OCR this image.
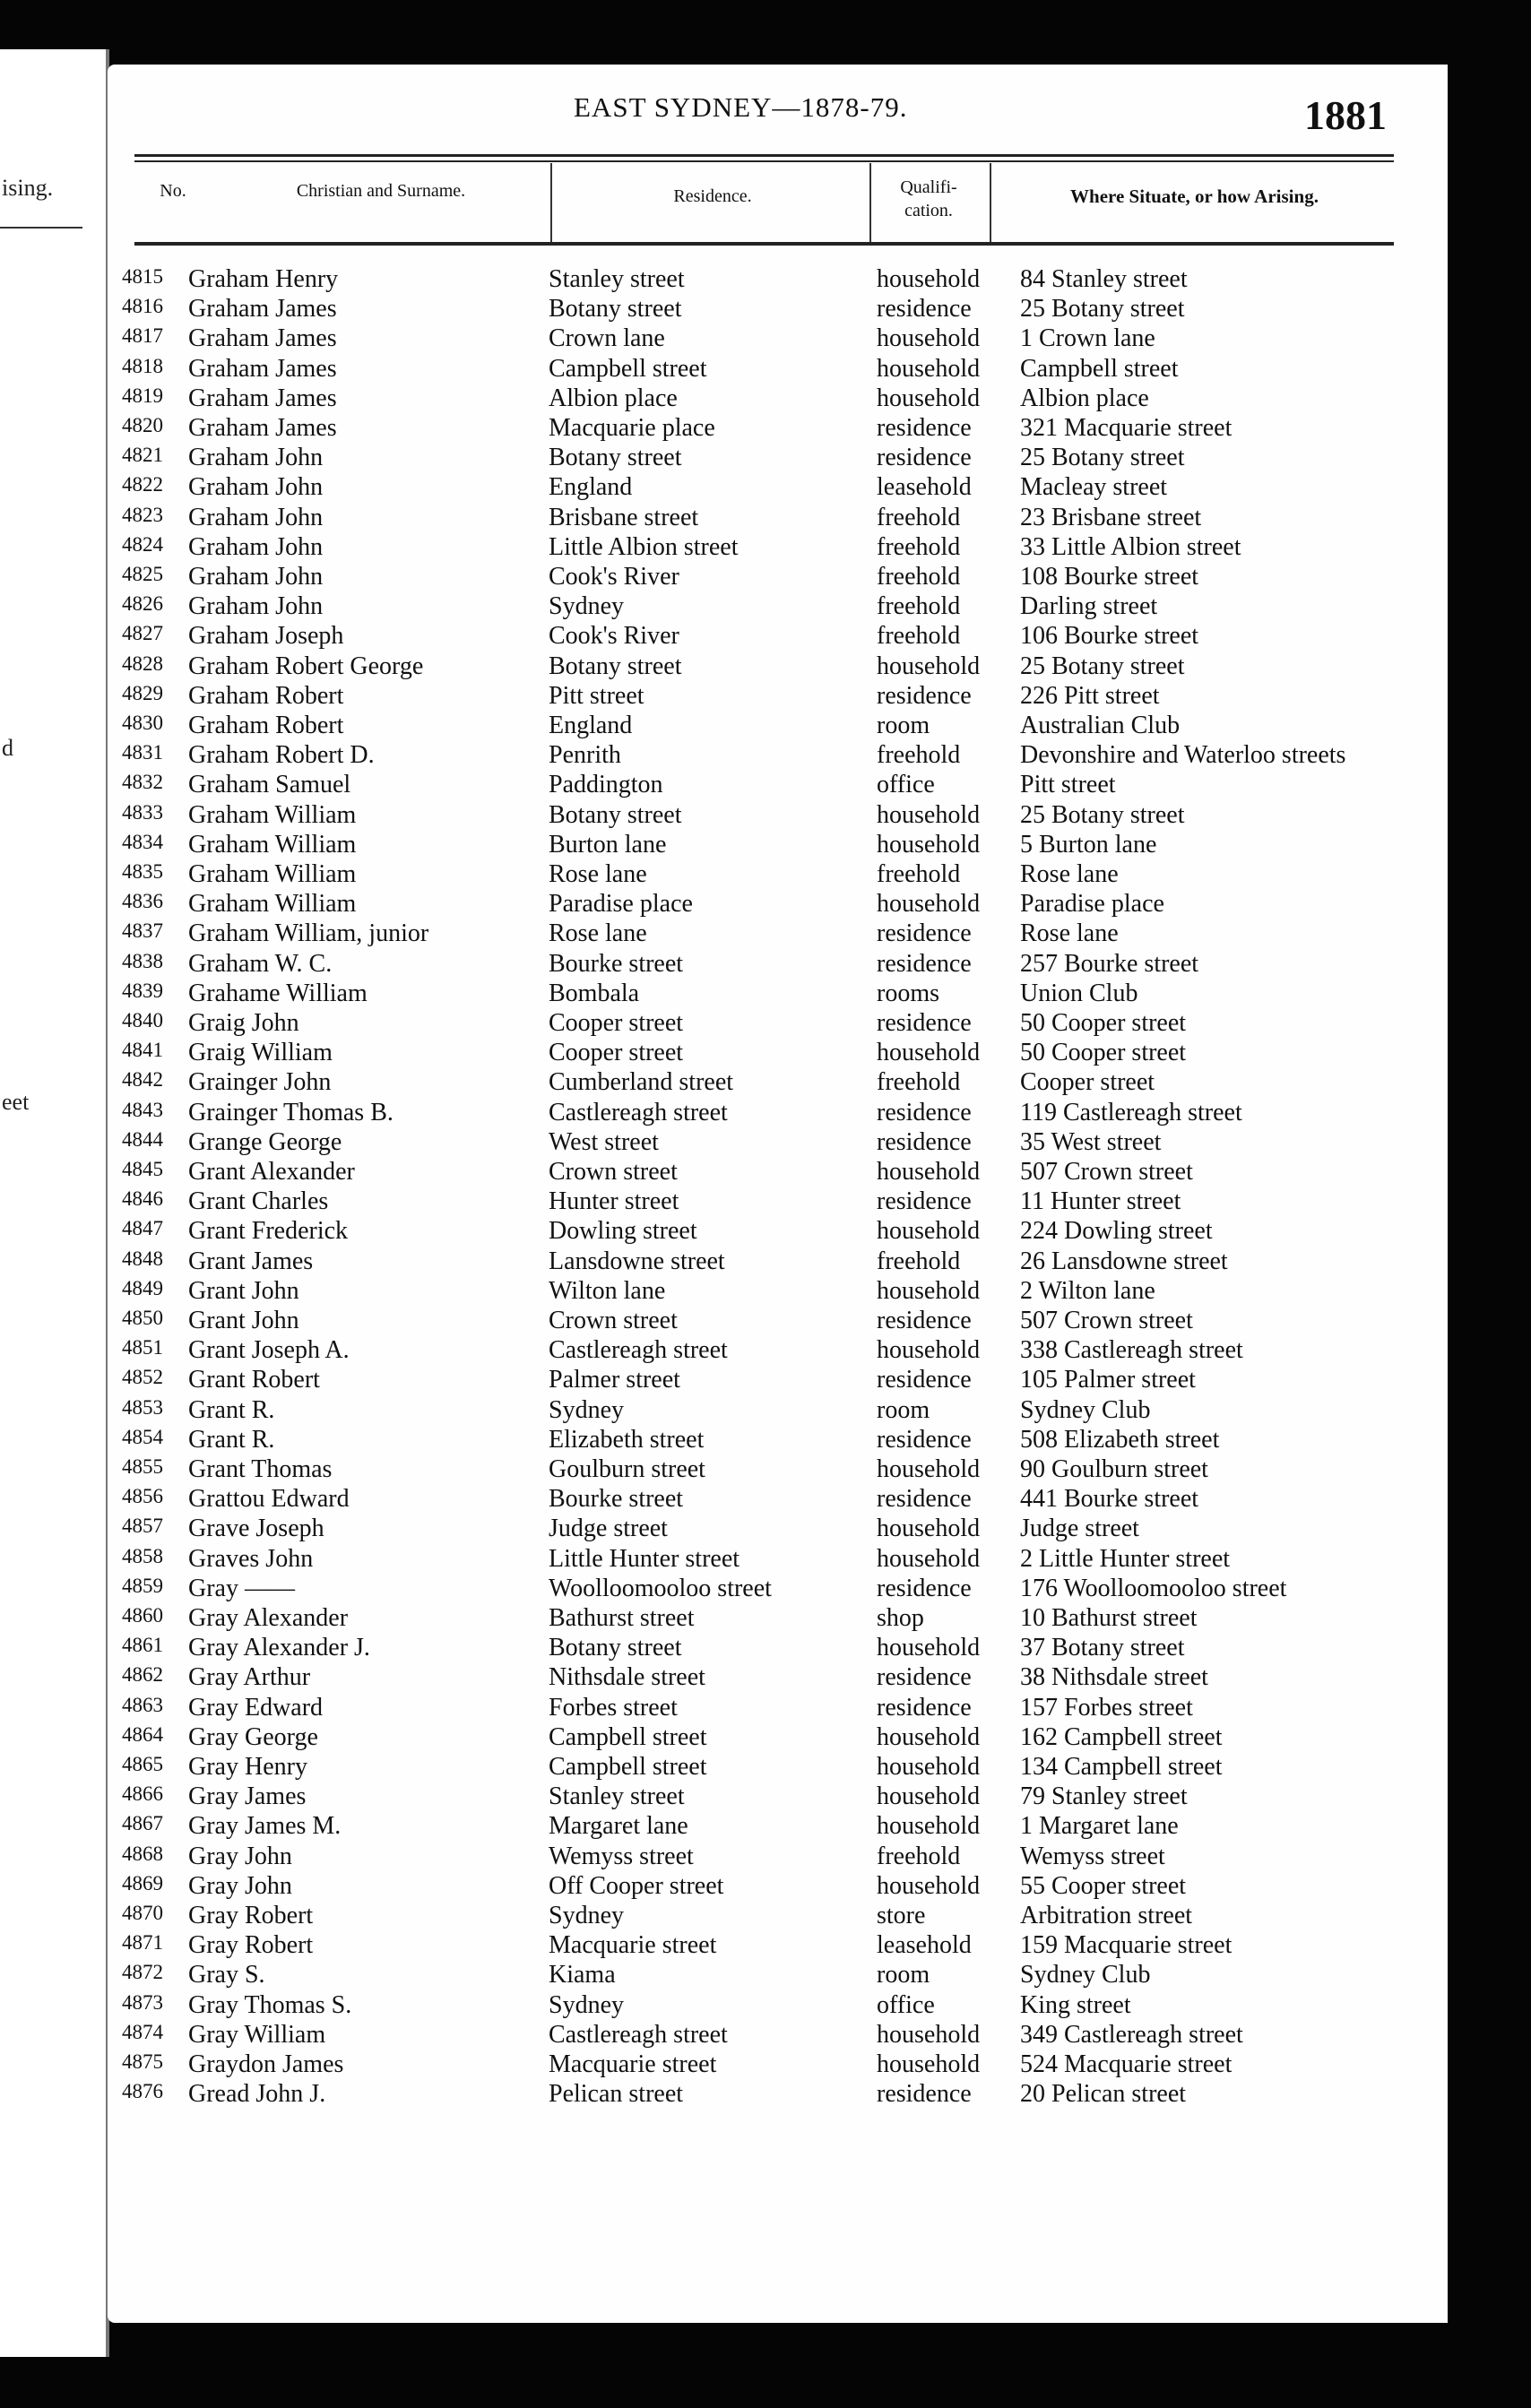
ising.
d
eet
EAST SYDNEY—1878-79.	1881
No.	Christian and Surname.	Residence.	Qualifi-
cation.
Where Situate, or how Arising.
4815 Graham Henry	Stanley street	household 84 Stanley street
4816 Graham James	Botany street	residence 25 Botany street
4817 Graham James	Crown lane	household 1 Crown lane
4818 Graham James	Campbell street	household Campbell street
4819 Graham James	Albion place	household Albion place
4820 Graham James	Macquarie place	residence 321 Macquarie street
4821 Graham John	Botany street	residence 25 Botany street
4822 Graham John	England	leasehold Macleay street
4823 Graham John	Brisbane street	freehold 23 Brisbane street
4824 Graham John	Little Albion street	freehold 33 Little Albion street
4825 Graham John	Cook's River	freehold 108 Bourke street
4826 Graham John	Sydney	freehold Darling street
4827 Graham Joseph	Cook's River	freehold 106 Bourke street
4828 Graham Robert George	Botany street	household 25 Botany street
4829 Graham Robert	Pitt street	residence 226 Pitt street
4830 Graham Robert	England	room	Australian Club
4831 Graham Robert D.	Penrith	freehold Devonshire and Waterloo streets
4832 Graham Samuel	Paddington	office	Pitt street
4833 Graham William	Botany street	household 25 Botany street
4834 Graham William	Burton lane	household 5 Burton lane
4835 Graham William	Rose lane	freehold Rose lane
4836 Graham William	Paradise place	household Paradise place
4837 Graham William, junior	Rose lane	residence Rose lane
4838 Graham W. C.	Bourke street	residence 257 Bourke street
4839 Grahame William	Bombala	rooms	Union Club
4840 Graig John	Cooper street	residence 50 Cooper street
4841 Graig William	Cooper street	household 50 Cooper street
4842 Grainger John	Cumberland street	freehold Cooper street
4843 Grainger Thomas B.	Castlereagh street	residence 119 Castlereagh street
4844 Grange George	West street	residence 35 West street
4845 Grant Alexander	Crown street	household 507 Crown street
4846 Grant Charles	Hunter street	residence 11 Hunter street
4847 Grant Frederick	Dowling street	household 224 Dowling street
4848 Grant James	Lansdowne street	freehold 26 Lansdowne street
4849 Grant John	Wilton lane	household 2 Wilton lane
4850 Grant John	Crown street	residence 507 Crown street
4851 Grant Joseph A.	Castlereagh street	household 338 Castlereagh street
4852 Grant Robert	Palmer street	residence 105 Palmer street
4853 Grant R.	Sydney	room	Sydney Club
4854 Grant R.	Elizabeth street	residence 508 Elizabeth street
4855 Grant Thomas	Goulburn street	household 90 Goulburn street
4856 Grattou Edward	Bourke street	residence 441 Bourke street
4857 Grave Joseph	Judge street	household Judge street
4858 Graves John	Little Hunter street	household 2 Little Hunter street
4859 Gray ——	Woolloomooloo street	residence 176 Woolloomooloo street
4860 Gray Alexander	Bathurst street	shop	10 Bathurst street
4861 Gray Alexander J.	Botany street	household 37 Botany street
4862 Gray Arthur	Nithsdale street	residence 38 Nithsdale street
4863 Gray Edward	Forbes street	residence 157 Forbes street
4864 Gray George	Campbell street	household 162 Campbell street
4865 Gray Henry	Campbell street	household 134 Campbell street
4866 Gray James	Stanley street	household 79 Stanley street
4867 Gray James M.	Margaret lane	household 1 Margaret lane
4868 Gray John	Wemyss street	freehold Wemyss street
4869 Gray John	Off Cooper street	household 55 Cooper street
4870 Gray Robert	Sydney	store	Arbitration street
4871 Gray Robert	Macquarie street	leasehold 159 Macquarie street
4872 Gray S.	Kiama	room	Sydney Club
4873 Gray Thomas S.	Sydney	office	King street
4874 Gray William	Castlereagh street	household 349 Castlereagh street
4875 Graydon James	Macquarie street	household 524 Macquarie street
4876 Gread John J.	Pelican street	residence 20 Pelican street
